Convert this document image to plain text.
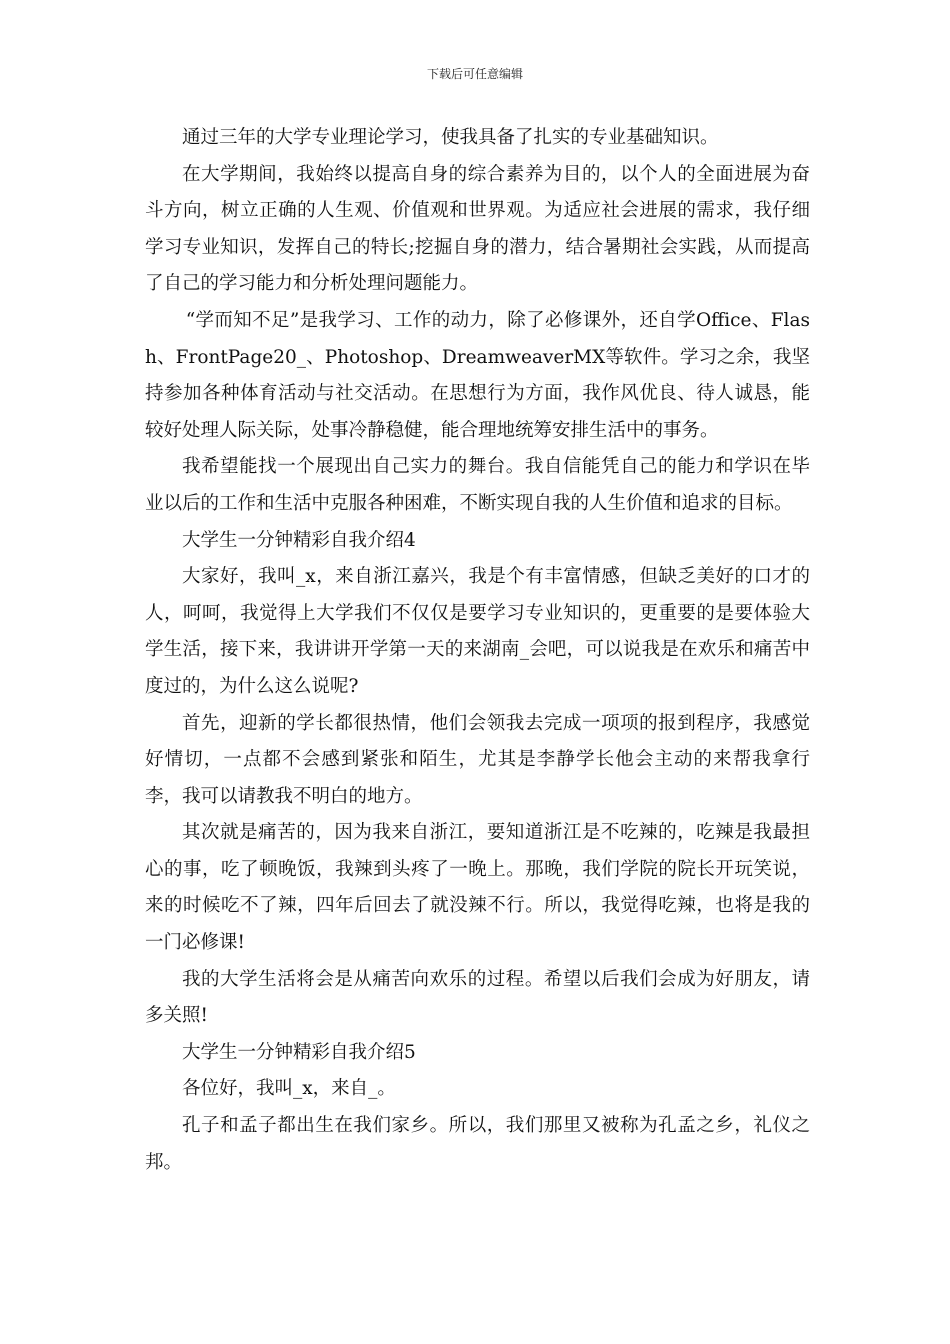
下载后可任意编辑

通过三年的大学专业理论学习，使我具备了扎实的专业基础知识。

在大学期间，我始终以提高自身的综合素养为目的，以个人的全面进展为奋斗方向，树立正确的人生观、价值观和世界观。为适应社会进展的需求，我仔细学习专业知识，发挥自己的特长;挖掘自身的潜力，结合暑期社会实践，从而提高了自己的学习能力和分析处理问题能力。

“学而知不足”是我学习、工作的动力，除了必修课外，还自学Office、Flash、FrontPage20_、Photoshop、DreamweaverMX等软件。学习之余，我坚持参加各种体育活动与社交活动。在思想行为方面，我作风优良、待人诚恳，能较好处理人际关际，处事冷静稳健，能合理地统筹安排生活中的事务。

我希望能找一个展现出自己实力的舞台。我自信能凭自己的能力和学识在毕业以后的工作和生活中克服各种困难，不断实现自我的人生价值和追求的目标。

大学生一分钟精彩自我介绍4

大家好，我叫_x，来自浙江嘉兴，我是个有丰富情感，但缺乏美好的口才的人，呵呵，我觉得上大学我们不仅仅是要学习专业知识的，更重要的是要体验大学生活，接下来，我讲讲开学第一天的来湖南_会吧，可以说我是在欢乐和痛苦中度过的，为什么这么说呢?

首先，迎新的学长都很热情，他们会领我去完成一项项的报到程序，我感觉好情切，一点都不会感到紧张和陌生，尤其是李静学长他会主动的来帮我拿行李，我可以请教我不明白的地方。

其次就是痛苦的，因为我来自浙江，要知道浙江是不吃辣的，吃辣是我最担心的事，吃了顿晚饭，我辣到头疼了一晚上。那晚，我们学院的院长开玩笑说，来的时候吃不了辣，四年后回去了就没辣不行。所以，我觉得吃辣，也将是我的一门必修课!

我的大学生活将会是从痛苦向欢乐的过程。希望以后我们会成为好朋友，请多关照!

大学生一分钟精彩自我介绍5

各位好，我叫_x，来自_。

孔子和孟子都出生在我们家乡。所以，我们那里又被称为孔孟之乡，礼仪之邦。
